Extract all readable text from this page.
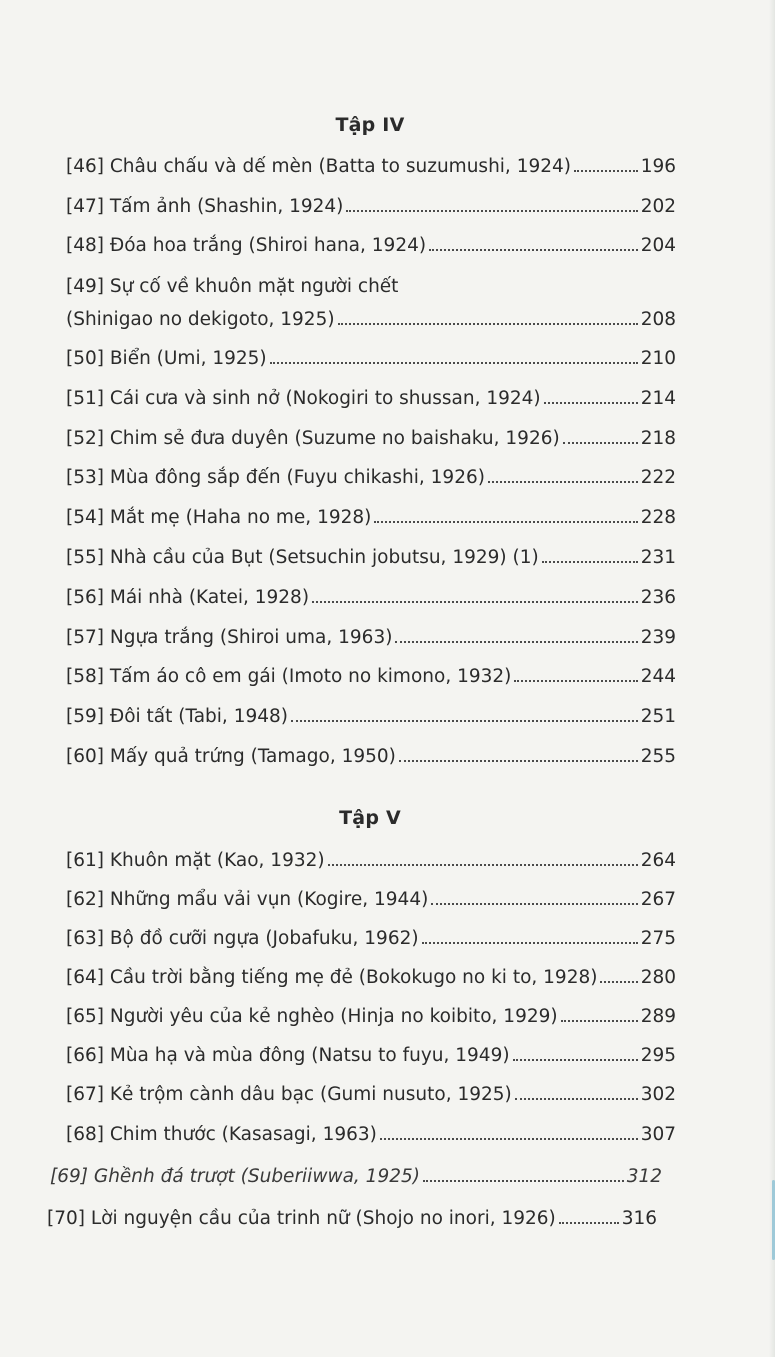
Tập IV
[46] Châu chấu và dế mèn (Batta to suzumushi, 1924)	196
[47] Tấm ảnh (Shashin, 1924)	202
[48] Đóa hoa trắng (Shiroi hana, 1924)	204
[49] Sự cố về khuôn mặt người chết
(Shinigao no dekigoto, 1925)	208
[50] Biển (Umi, 1925)	210
[51] Cái cưa và sinh nở (Nokogiri to shussan, 1924)	214
[52] Chim sẻ đưa duyên (Suzume no baishaku, 1926)	218
[53] Mùa đông sắp đến (Fuyu chikashi, 1926)	222
[54] Mắt mẹ (Haha no me, 1928)	228
[55] Nhà cầu của Bụt (Setsuchin jobutsu, 1929) (1)	231
[56] Mái nhà (Katei, 1928)	236
[57] Ngựa trắng (Shiroi uma, 1963)	239
[58] Tấm áo cô em gái (Imoto no kimono, 1932)	244
[59] Đôi tất (Tabi, 1948)	251
[60] Mấy quả trứng (Tamago, 1950)	255
Tập V
[61] Khuôn mặt (Kao, 1932)	264
[62] Những mẩu vải vụn (Kogire, 1944)	267
[63] Bộ đồ cưỡi ngựa (Jobafuku, 1962)	275
[64] Cầu trời bằng tiếng mẹ đẻ (Bokokugo no ki to, 1928) 280
[65] Người yêu của kẻ nghèo (Hinja no koibito, 1929)	289
[66] Mùa hạ và mùa đông (Natsu to fuyu, 1949)	295
[67] Kẻ trộm cành dâu bạc (Gumi nusuto, 1925)	302
[68] Chim thước (Kasasagi, 1963)	307
[69] Ghềnh đá trượt (Suberiiwwa, 1925)	312
[70] Lời nguyện cầu của trinh nữ (Shojo no inori, 1926)	316
